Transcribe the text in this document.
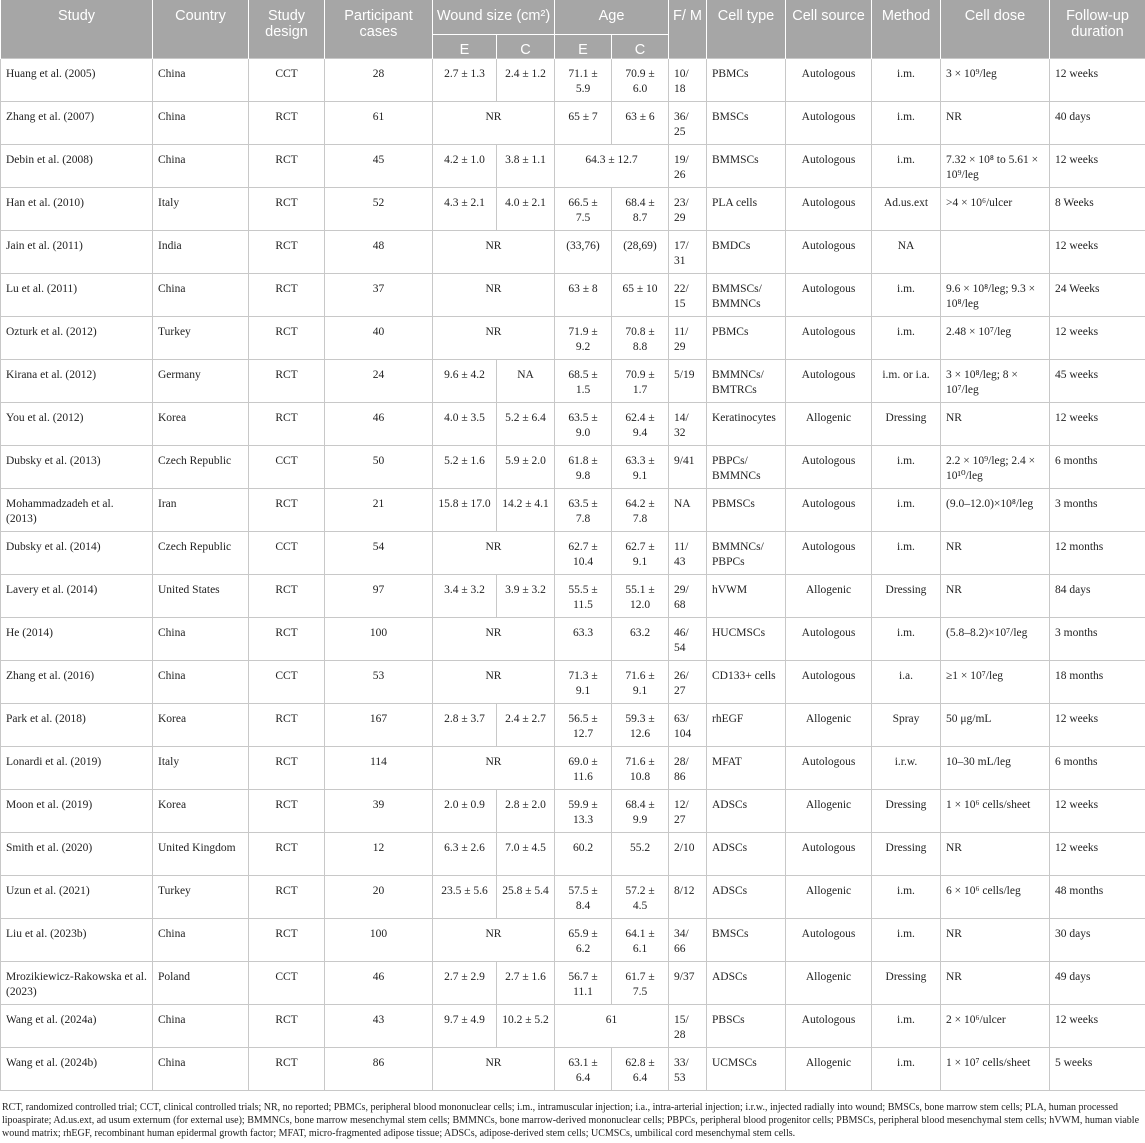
Study	Country	Study design	Participant cases	Wound size (cm²)		Age		F/ M	Cell type	Cell source	Method	Cell dose	Follow-up duration
				E	C	E	C						
Huang et al. (2005)	China	CCT	28	2.7 ± 1.3	2.4 ± 1.2	71.1 ± 5.9	70.9 ± 6.0	10/ 18	PBMCs	Autologous	i.m.	3 × 10⁹/leg	12 weeks
Zhang et al. (2007)	China	RCT	61	NR		65 ± 7	63 ± 6	36/ 25	BMSCs	Autologous	i.m.	NR	40 days
Debin et al. (2008)	China	RCT	45	4.2 ± 1.0	3.8 ± 1.1	64.3 ± 12.7		19/ 26	BMMSCs	Autologous	i.m.	7.32 × 10⁸ to 5.61 × 10⁹/leg	12 weeks
Han et al. (2010)	Italy	RCT	52	4.3 ± 2.1	4.0 ± 2.1	66.5 ± 7.5	68.4 ± 8.7	23/ 29	PLA cells	Autologous	Ad.us.ext	>4 × 10⁶/ulcer	8 Weeks
Jain et al. (2011)	India	RCT	48	NR		(33,76)	(28,69)	17/ 31	BMDCs	Autologous	NA		12 weeks
Lu et al. (2011)	China	RCT	37	NR		63 ± 8	65 ± 10	22/ 15	BMMSCs/ BMMNCs	Autologous	i.m.	9.6 × 10⁸/leg; 9.3 × 10⁸/leg	24 Weeks
Ozturk et al. (2012)	Turkey	RCT	40	NR		71.9 ± 9.2	70.8 ± 8.8	11/ 29	PBMCs	Autologous	i.m.	2.48 × 10⁷/leg	12 weeks
Kirana et al. (2012)	Germany	RCT	24	9.6 ± 4.2	NA	68.5 ± 1.5	70.9 ± 1.7	5/19	BMMNCs/ BMTRCs	Autologous	i.m. or i.a.	3 × 10⁸/leg; 8 × 10⁷/leg	45 weeks
You et al. (2012)	Korea	RCT	46	4.0 ± 3.5	5.2 ± 6.4	63.5 ± 9.0	62.4 ± 9.4	14/ 32	Keratinocytes	Allogenic	Dressing	NR	12 weeks
Dubsky et al. (2013)	Czech Republic	CCT	50	5.2 ± 1.6	5.9 ± 2.0	61.8 ± 9.8	63.3 ± 9.1	9/41	PBPCs/ BMMNCs	Autologous	i.m.	2.2 × 10⁹/leg; 2.4 × 10¹⁰/leg	6 months
Mohammadzadeh et al. (2013)	Iran	RCT	21	15.8 ± 17.0	14.2 ± 4.1	63.5 ± 7.8	64.2 ± 7.8	NA	PBMSCs	Autologous	i.m.	(9.0–12.0)×10⁸/leg	3 months
Dubsky et al. (2014)	Czech Republic	CCT	54	NR		62.7 ± 10.4	62.7 ± 9.1	11/ 43	BMMNCs/ PBPCs	Autologous	i.m.	NR	12 months
Lavery et al. (2014)	United States	RCT	97	3.4 ± 3.2	3.9 ± 3.2	55.5 ± 11.5	55.1 ± 12.0	29/ 68	hVWM	Allogenic	Dressing	NR	84 days
He (2014)	China	RCT	100	NR		63.3	63.2	46/ 54	HUCMSCs	Autologous	i.m.	(5.8–8.2)×10⁷/leg	3 months
Zhang et al. (2016)	China	CCT	53	NR		71.3 ± 9.1	71.6 ± 9.1	26/ 27	CD133+ cells	Autologous	i.a.	≥1 × 10⁷/leg	18 months
Park et al. (2018)	Korea	RCT	167	2.8 ± 3.7	2.4 ± 2.7	56.5 ± 12.7	59.3 ± 12.6	63/ 104	rhEGF	Allogenic	Spray	50 μg/mL	12 weeks
Lonardi et al. (2019)	Italy	RCT	114	NR		69.0 ± 11.6	71.6 ± 10.8	28/ 86	MFAT	Autologous	i.r.w.	10–30 mL/leg	6 months
Moon et al. (2019)	Korea	RCT	39	2.0 ± 0.9	2.8 ± 2.0	59.9 ± 13.3	68.4 ± 9.9	12/ 27	ADSCs	Allogenic	Dressing	1 × 10⁶ cells/sheet	12 weeks
Smith et al. (2020)	United Kingdom	RCT	12	6.3 ± 2.6	7.0 ± 4.5	60.2	55.2	2/10	ADSCs	Autologous	Dressing	NR	12 weeks
Uzun et al. (2021)	Turkey	RCT	20	23.5 ± 5.6	25.8 ± 5.4	57.5 ± 8.4	57.2 ± 4.5	8/12	ADSCs	Allogenic	i.m.	6 × 10⁶ cells/leg	48 months
Liu et al. (2023b)	China	RCT	100	NR		65.9 ± 6.2	64.1 ± 6.1	34/ 66	BMSCs	Autologous	i.m.	NR	30 days
Mrozikiewicz-Rakowska et al. (2023)	Poland	CCT	46	2.7 ± 2.9	2.7 ± 1.6	56.7 ± 11.1	61.7 ± 7.5	9/37	ADSCs	Allogenic	Dressing	NR	49 days
Wang et al. (2024a)	China	RCT	43	9.7 ± 4.9	10.2 ± 5.2	61		15/ 28	PBSCs	Autologous	i.m.	2 × 10⁶/ulcer	12 weeks
Wang et al. (2024b)	China	RCT	86	NR		63.1 ± 6.4	62.8 ± 6.4	33/ 53	UCMSCs	Allogenic	i.m.	1 × 10⁷ cells/sheet	5 weeks
RCT, randomized controlled trial; CCT, clinical controlled trials; NR, no reported; PBMCs, peripheral blood mononuclear cells; i.m., intramuscular injection; i.a., intra-arterial injection; i.r.w., injected radially into wound; BMSCs, bone marrow stem cells; PLA, human processed lipoaspirate; Ad.us.ext, ad usum externum (for external use); BMMNCs, bone marrow mesenchymal stem cells; BMMNCs, bone marrow-derived mononuclear cells; PBPCs, peripheral blood progenitor cells; PBMSCs, peripheral blood mesenchymal stem cells; hVWM, human viable wound matrix; rhEGF, recombinant human epidermal growth factor; MFAT, micro-fragmented adipose tissue; ADSCs, adipose-derived stem cells; UCMSCs, umbilical cord mesenchymal stem cells.
